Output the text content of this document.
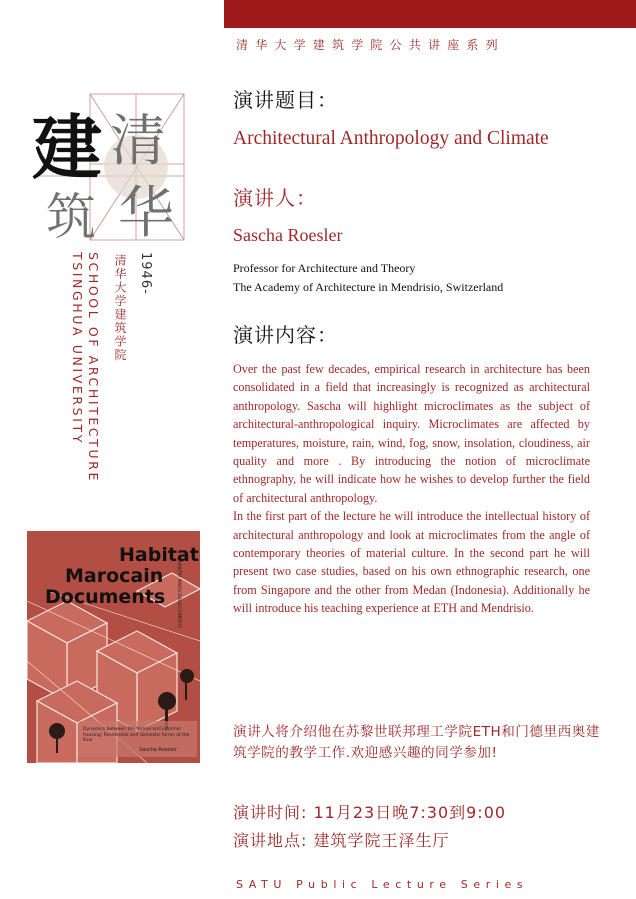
清华大学建筑学院公共讲座系列
清
华
筑
建
1946-
清华大学建筑学院
SCHOOL OF ARCHITECTURE
TSINGHUA UNIVERSITY
Habitat
Marocain
Documents	HABITAT MAROCAIN DOCUMENTS
Dynamics between the formal and informal housing: Residential and domestic forms at the Ksar
Sascha Roesler
演讲题目：
Architectural Anthropology and Climate
演讲人：
Sascha Roesler
Professor for Architecture and Theory
The Academy of Architecture in Mendrisio, Switzerland
演讲内容：

Over the past few decades, empirical research in architecture has been consolidated in a field that increasingly is recognized as architectural anthropology. Sascha will highlight microclimates as the subject of architectural-anthropological inquiry. Microclimates are affected by temperatures, moisture, rain, wind, fog, snow, insolation, cloudiness, air quality and more . By introducing the notion of microclimate ethnography, he will indicate how he wishes to develop further the field of architectural anthropology.

In the first part of the lecture he will introduce the intellectual history of architectural anthropology and look at microclimates from the angle of contemporary theories of material culture. In the second part he will present two case studies, based on his own ethnographic research, one from Singapore and the other from Medan (Indonesia). Additionally he will introduce his teaching experience at ETH and Mendrisio.

演讲人将介绍他在苏黎世联邦理工学院ETH和门德里西奥建筑学院的教学工作.欢迎感兴趣的同学参加!
演讲时间: 11月23日晚7:30到9:00
演讲地点: 建筑学院王泽生厅
SATU Public Lecture Series
